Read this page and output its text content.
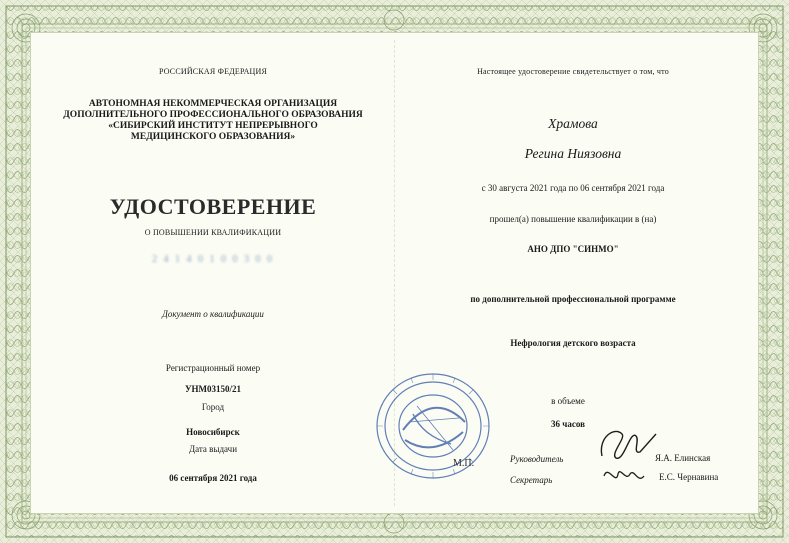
РОССИЙСКАЯ ФЕДЕРАЦИЯ
АВТОНОМНАЯ НЕКОММЕРЧЕСКАЯ ОРГАНИЗАЦИЯ
ДОПОЛНИТЕЛЬНОГО ПРОФЕССИОНАЛЬНОГО ОБРАЗОВАНИЯ
«СИБИРСКИЙ ИНСТИТУТ НЕПРЕРЫВНОГО
МЕДИЦИНСКОГО ОБРАЗОВАНИЯ»
УДОСТОВЕРЕНИЕ
О ПОВЫШЕНИИ КВАЛИФИКАЦИИ
2 4 1 4 0 1 0 0 3 0 0
Документ о квалификации
Регистрационный номер
УНМ03150/21
Город
Новосибирск
Дата выдачи
06 сентября 2021 года
Настоящее удостоверение свидетельствует о том, что
Храмова
Регина Ниязовна
с 30 августа 2021 года по 06 сентября 2021 года
прошел(а) повышение квалификации в (на)
АНО ДПО "СИНМО"
по дополнительной профессиональной программе
Нефрология детского возраста
в объеме
36 часов
Руководитель	Я.А. Елинская
Секретарь	Е.С. Чернавина
М.П.
